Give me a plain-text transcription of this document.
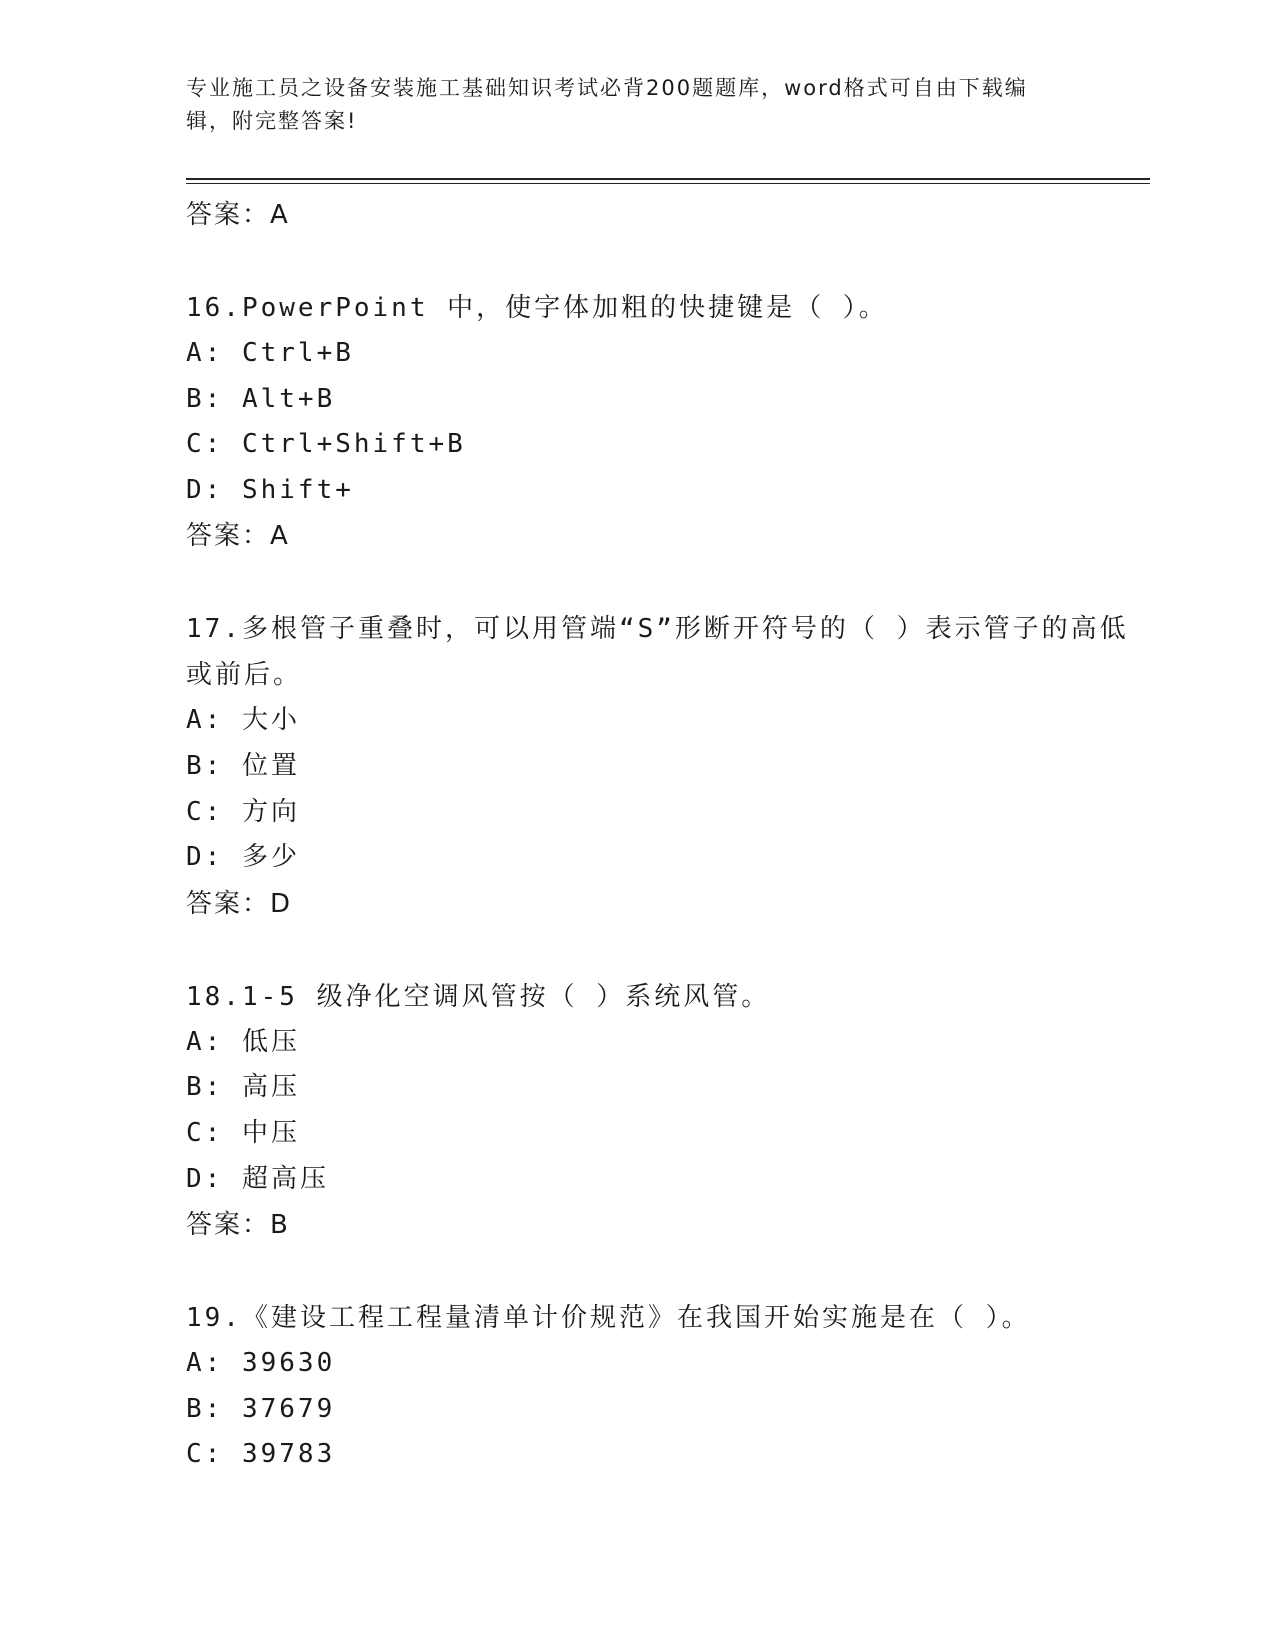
专业施工员之设备安装施工基础知识考试必背200题题库，word格式可自由下载编辑，附完整答案!
答案：A

16.PowerPoint 中，使字体加粗的快捷键是（ ）。

A: Ctrl+B
B: Alt+B
C: Ctrl+Shift+B
D: Shift+
答案：A

17.多根管子重叠时，可以用管端“S”形断开符号的（ ）表示管子的高低或前后。

A: 大小
B: 位置
C: 方向
D: 多少
答案：D

18.1-5 级净化空调风管按（ ）系统风管。

A: 低压
B: 高压
C: 中压
D: 超高压
答案：B

19.《建设工程工程量清单计价规范》在我国开始实施是在（ ）。

A: 39630
B: 37679
C: 39783
